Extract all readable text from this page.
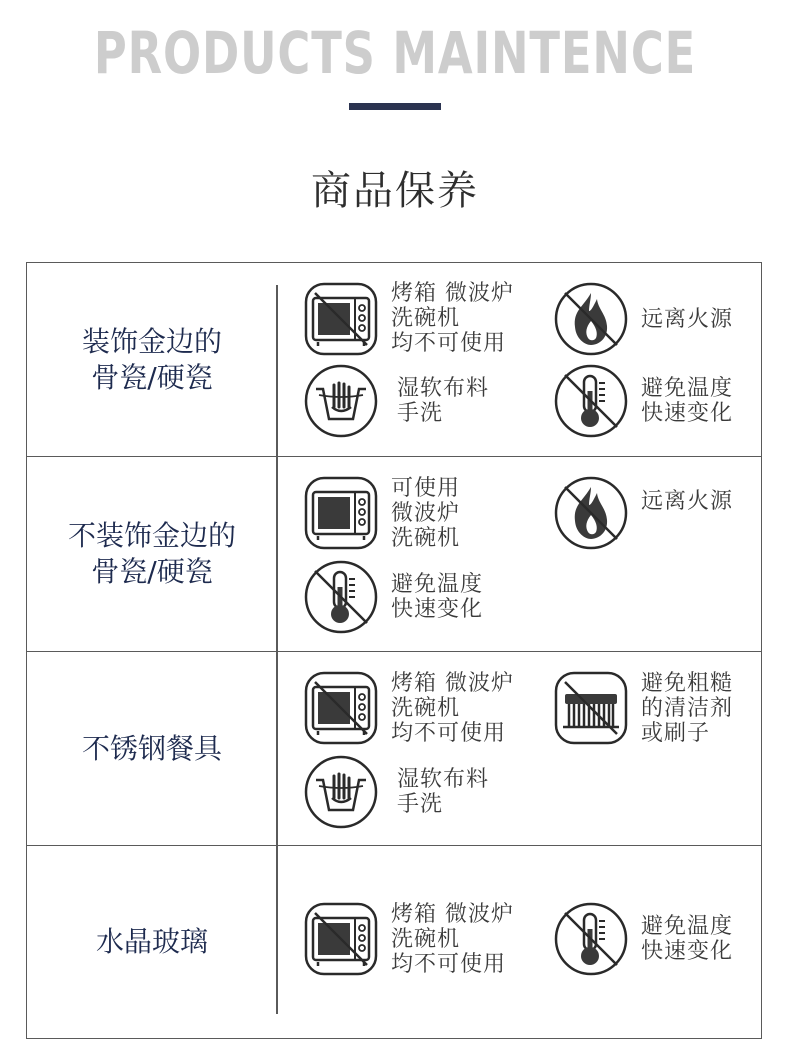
PRODUCTS MAINTENCE
商品保养
装饰金边的
骨瓷/硬瓷
烤箱 微波炉
洗碗机
均不可使用
远离火源
湿软布料
手洗
避免温度
快速变化
不装饰金边的
骨瓷/硬瓷
可使用
微波炉
洗碗机
远离火源
避免温度
快速变化
不锈钢餐具
烤箱 微波炉
洗碗机
均不可使用
避免粗糙
的清洁剂
或刷子
湿软布料
手洗
水晶玻璃
烤箱 微波炉
洗碗机
均不可使用
避免温度
快速变化
